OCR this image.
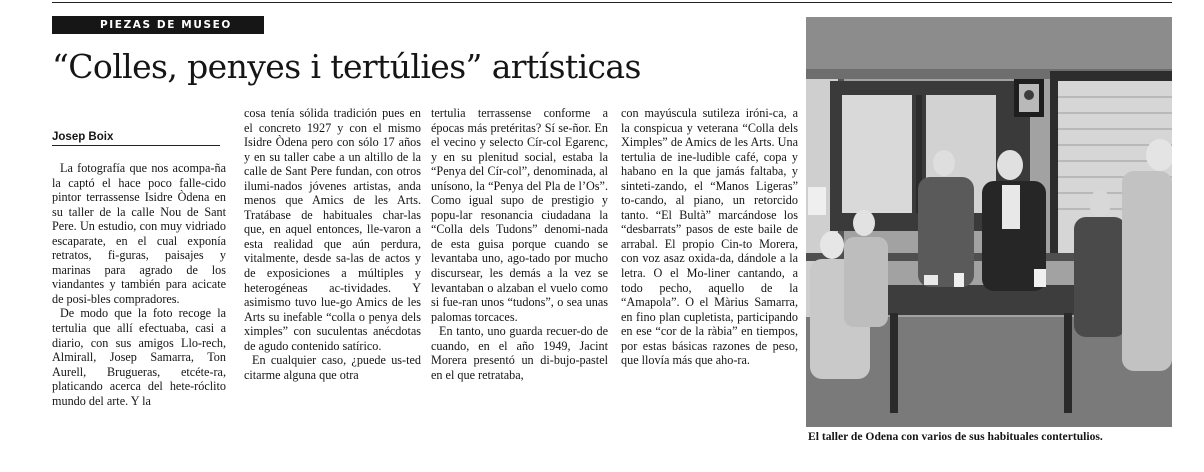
PIEZAS DE MUSEO
“Colles, penyes i tertúlies” artísticas
Josep Boix

La fotografía que nos acompa-ña la captó el hace poco falle-cido pintor terrassense Isidre Òdena en su taller de la calle Nou de Sant Pere. Un estudio, con muy vidriado escaparate, en el cual exponía retratos, fi-guras, paisajes y marinas para agrado de los viandantes y también para acicate de posi-bles compradores.

De modo que la foto recoge la tertulia que allí efectuaba, casi a diario, con sus amigos Llo-rech, Almirall, Josep Samarra, Ton Aurell, Brugueras, etcéte-ra, platicando acerca del hete-róclito mundo del arte. Y la

cosa tenía sólida tradición pues en el concreto 1927 y con el mismo Isidre Òdena pero con sólo 17 años y en su taller cabe a un altillo de la calle de Sant Pere fundan, con otros ilumi-nados jóvenes artistas, anda menos que Amics de les Arts. Tratábase de habituales char-las que, en aquel entonces, lle-varon a esta realidad que aún perdura, vitalmente, desde sa-las de actos y de exposiciones a múltiples y heterogéneas ac-tividades. Y asimismo tuvo lue-go Amics de les Arts su inefable “colla o penya dels ximples” con suculentas anécdotas de agudo contenido satírico.

En cualquier caso, ¿puede us-ted citarme alguna que otra

tertulia terrassense conforme a épocas más pretéritas? Sí se-ñor. En el vecino y selecto Cír-col Egarenc, y en su plenitud social, estaba la “Penya del Cír-col”, denominada, al unísono, la “Penya del Pla de l’Os”. Como igual supo de prestigio y popu-lar resonancia ciudadana la “Colla dels Tudons” denomi-nada de esta guisa porque cuando se levantaba uno, ago-tado por mucho discursear, les demás a la vez se levantaban o alzaban el vuelo como si fue-ran unos “tudons”, o sea unas palomas torcaces.

En tanto, uno guarda recuer-do de cuando, en el año 1949, Jacint Morera presentó un di-bujo-pastel en el que retrataba,

con mayúscula sutileza iróni-ca, a la conspicua y veterana “Colla dels Ximples” de Amics de les Arts. Una tertulia de ine-ludible café, copa y habano en la que jamás faltaba, y sinteti-zando, el “Manos Ligeras” to-cando, al piano, un retorcido tanto. “El Bultà” marcándose los “desbarrats” pasos de este baile de arrabal. El propio Cin-to Morera, con voz asaz oxida-da, dándole a la letra. O el Mo-liner cantando, a todo pecho, aquello de la “Amapola”. O el Màrius Samarra, en fino plan cupletista, participando en ese “cor de la ràbia” en tiempos, por estas básicas razones de peso, que llovía más que aho-ra.

El taller de Odena con varios de sus habituales contertulios.
